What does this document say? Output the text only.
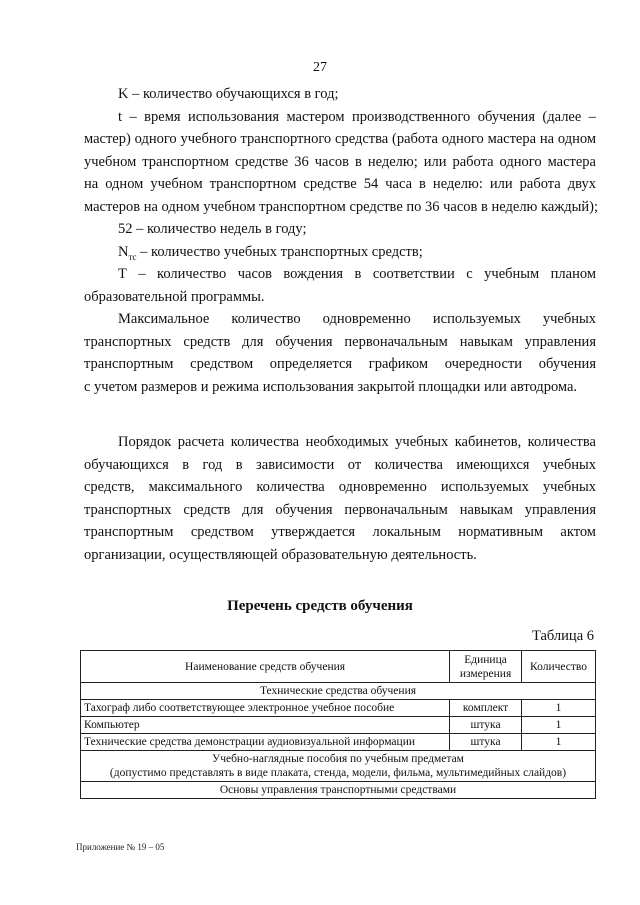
27
K – количество обучающихся в год;
t – время использования мастером производственного обучения (далее –
мастер) одного учебного транспортного средства (работа одного мастера на одном
учебном транспортном средстве 36 часов в неделю; или работа одного мастера
на одном учебном транспортном средстве 54 часа в неделю: или работа двух
мастеров на одном учебном транспортном средстве по 36 часов в неделю каждый);
52 – количество недель в году;
$N_{тс}$ – количество учебных транспортных средств;
Т – количество часов вождения в соответствии с учебным планом
образовательной программы.
Максимальное количество одновременно используемых учебных
транспортных средств для обучения первоначальным навыкам управления
транспортным средством определяется графиком очередности обучения
с учетом размеров и режима использования закрытой площадки или автодрома.
Порядок расчета количества необходимых учебных кабинетов, количества
обучающихся в год в зависимости от количества имеющихся учебных
средств, максимального количества одновременно используемых учебных
транспортных средств для обучения первоначальным навыкам управления
транспортным средством утверждается локальным нормативным актом
организации, осуществляющей образовательную деятельность.
Перечень средств обучения
Таблица 6
Наименование средств обучения	Единица измерения	Количество
Технические средства обучения		
Тахограф либо соответствующее электронное учебное пособие	комплект	1
Компьютер	штука	1
Технические средства демонстрации аудиовизуальной информации	штука	1

Учебно-наглядные пособия по учебным предметам
(допустимо представлять в виде плаката, стенда, модели, фильма, мультимедийных слайдов)		

Основы управления транспортными средствами		
Приложение № 19 – 05
